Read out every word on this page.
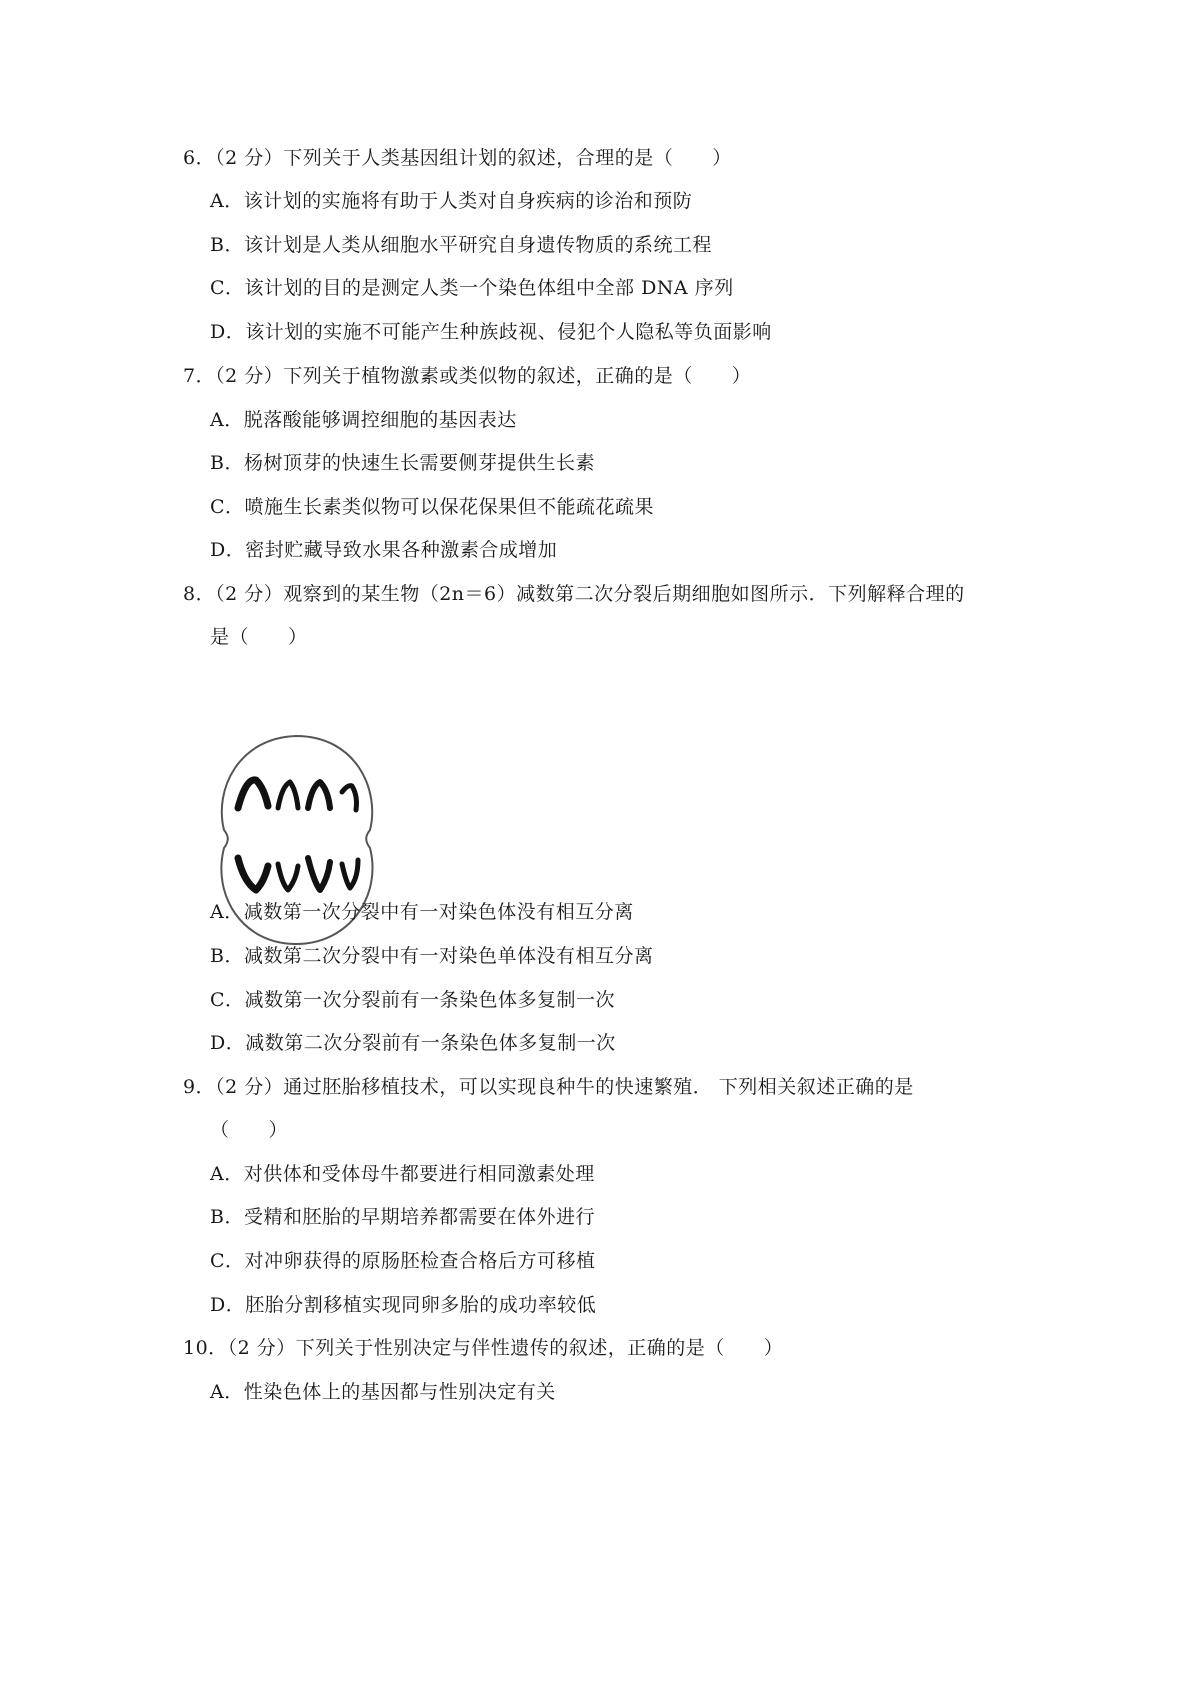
6．（2 分）下列关于人类基因组计划的叙述，合理的是（　　）
A．该计划的实施将有助于人类对自身疾病的诊治和预防
B．该计划是人类从细胞水平研究自身遗传物质的系统工程
C．该计划的目的是测定人类一个染色体组中全部 DNA 序列
D．该计划的实施不可能产生种族歧视、侵犯个人隐私等负面影响
7．（2 分）下列关于植物激素或类似物的叙述，正确的是（　　）
A．脱落酸能够调控细胞的基因表达
B．杨树顶芽的快速生长需要侧芽提供生长素
C．喷施生长素类似物可以保花保果但不能疏花疏果
D．密封贮藏导致水果各种激素合成增加
8．（2 分）观察到的某生物（2n＝6）减数第二次分裂后期细胞如图所示．下列解释合理的
是（　　）
A．减数第一次分裂中有一对染色体没有相互分离
B．减数第二次分裂中有一对染色单体没有相互分离
C．减数第一次分裂前有一条染色体多复制一次
D．减数第二次分裂前有一条染色体多复制一次
9．（2 分）通过胚胎移植技术，可以实现良种牛的快速繁殖． 下列相关叙述正确的是
（　　）
A．对供体和受体母牛都要进行相同激素处理
B．受精和胚胎的早期培养都需要在体外进行
C．对冲卵获得的原肠胚检查合格后方可移植
D．胚胎分割移植实现同卵多胎的成功率较低
10．（2 分）下列关于性别决定与伴性遗传的叙述，正确的是（　　）
A．性染色体上的基因都与性别决定有关
